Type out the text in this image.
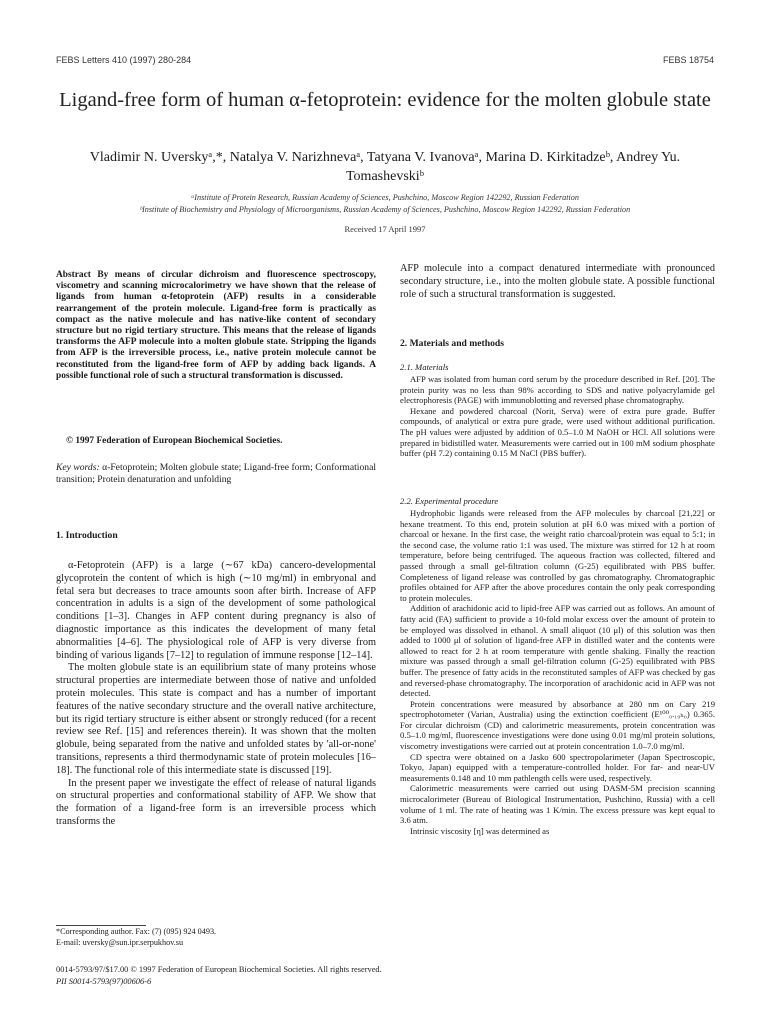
FEBS Letters 410 (1997) 280-284	FEBS 18754
Ligand-free form of human α-fetoprotein: evidence for the molten globule state
Vladimir N. Uverskyᵃ,*, Natalya V. Narizhnevaᵃ, Tatyana V. Ivanovaᵃ, Marina D. Kirkitadzeᵇ, Andrey Yu. Tomashevskiᵇ
ᵃInstitute of Protein Research, Russian Academy of Sciences, Pushchino, Moscow Region 142292, Russian Federation
ᵇInstitute of Biochemistry and Physiology of Microorganisms, Russian Academy of Sciences, Pushchino, Moscow Region 142292, Russian Federation
Received 17 April 1997
Abstract By means of circular dichroism and fluorescence spectroscopy, viscometry and scanning microcalorimetry we have shown that the release of ligands from human α-fetoprotein (AFP) results in a considerable rearrangement of the protein molecule. Ligand-free form is practically as compact as the native molecule and has native-like content of secondary structure but no rigid tertiary structure. This means that the release of ligands transforms the AFP molecule into a molten globule state. Stripping the ligands from AFP is the irreversible process, i.e., native protein molecule cannot be reconstituted from the ligand-free form of AFP by adding back ligands. A possible functional role of such a structural transformation is discussed.
© 1997 Federation of European Biochemical Societies.
Key words: α-Fetoprotein; Molten globule state; Ligand-free form; Conformational transition; Protein denaturation and unfolding
1. Introduction

α-Fetoprotein (AFP) is a large (∼67 kDa) cancero-developmental glycoprotein the content of which is high (∼10 mg/ml) in embryonal and fetal sera but decreases to trace amounts soon after birth. Increase of AFP concentration in adults is a sign of the development of some pathological conditions [1–3]. Changes in AFP content during pregnancy is also of diagnostic importance as this indicates the development of many fetal abnormalities [4–6]. The physiological role of AFP is very diverse from binding of various ligands [7–12] to regulation of immune response [12–14].

The molten globule state is an equilibrium state of many proteins whose structural properties are intermediate between those of native and unfolded protein molecules. This state is compact and has a number of important features of the native secondary structure and the overall native architecture, but its rigid tertiary structure is either absent or strongly reduced (for a recent review see Ref. [15] and references therein). It was shown that the molten globule, being separated from the native and unfolded states by 'all-or-none' transitions, represents a third thermodynamic state of protein molecules [16–18]. The functional role of this intermediate state is discussed [19].

In the present paper we investigate the effect of release of natural ligands on structural properties and conformational stability of AFP. We show that the formation of a ligand-free form is an irreversible process which transforms the

*Corresponding author. Fax: (7) (095) 924 0493.
E-mail: uversky@sun.ipr.serpukhov.su
AFP molecule into a compact denatured intermediate with pronounced secondary structure, i.e., into the molten globule state. A possible functional role of such a structural transformation is suggested.
2. Materials and methods
2.1. Materials

AFP was isolated from human cord serum by the procedure described in Ref. [20]. The protein purity was no less than 98% according to SDS and native polyacrylamide gel electrophoresis (PAGE) with immunoblotting and reversed phase chromatography.

Hexane and powdered charcoal (Norit, Serva) were of extra pure grade. Buffer compounds, of analytical or extra pure grade, were used without additional purification. The pH values were adjusted by addition of 0.5–1.0 M NaOH or HCl. All solutions were prepared in bidistilled water. Measurements were carried out in 100 mM sodium phosphate buffer (pH 7.2) containing 0.15 M NaCl (PBS buffer).

2.2. Experimental procedure

Hydrophobic ligands were released from the AFP molecules by charcoal [21,22] or hexane treatment. To this end, protein solution at pH 6.0 was mixed with a portion of charcoal or hexane. In the first case, the weight ratio charcoal/protein was equal to 5:1; in the second case, the volume ratio 1:1 was used. The mixture was stirred for 12 h at room temperature, before being centrifuged. The aqueous fraction was collected, filtered and passed through a small gel-filtration column (G-25) equilibrated with PBS buffer. Completeness of ligand release was controlled by gas chromatography. Chromatographic profiles obtained for AFP after the above procedures contain the only peak corresponding to protein molecules.

Addition of arachidonic acid to lipid-free AFP was carried out as follows. An amount of fatty acid (FA) sufficient to provide a 10-fold molar excess over the amount of protein to be employed was dissolved in ethanol. A small aliquot (10 μl) of this solution was then added to 1000 μl of solution of ligand-free AFP in distilled water and the contents were allowed to react for 2 h at room temperature with gentle shaking. Finally the reaction mixture was passed through a small gel-filtration column (G-25) equilibrated with PBS buffer. The presence of fatty acids in the reconstituted samples of AFP was checked by gas and reversed-phase chromatography. The incorporation of arachidonic acid in AFP was not detected.

Protein concentrations were measured by absorbance at 280 nm on Cary 219 spectrophotometer (Varian, Australia) using the extinction coefficient (E¹⁰⁰₀.₁₉ₕ₀) 0.365. For circular dichroism (CD) and calorimetric measurements, protein concentration was 0.5–1.0 mg/ml, fluorescence investigations were done using 0.01 mg/ml protein solutions, viscometry investigations were carried out at protein concentration 1.0–7.0 mg/ml.

CD spectra were obtained on a Jasko 600 spectropolarimeter (Japan Spectroscopic, Tokyo, Japan) equipped with a temperature-controlled holder. For far- and near-UV measurements 0.148 and 10 mm pathlength cells were used, respectively.

Calorimetric measurements were carried out using DASM-5M precision scanning microcalorimeter (Bureau of Biological Instrumentation, Pushchino, Russia) with a cell volume of 1 ml. The rate of heating was 1 K/min. The excess pressure was kept equal to 3.6 atm.

Intrinsic viscosity [η] was determined as

0014-5793/97/$17.00 © 1997 Federation of European Biochemical Societies. All rights reserved.
PII S0014-5793(97)00606-6
